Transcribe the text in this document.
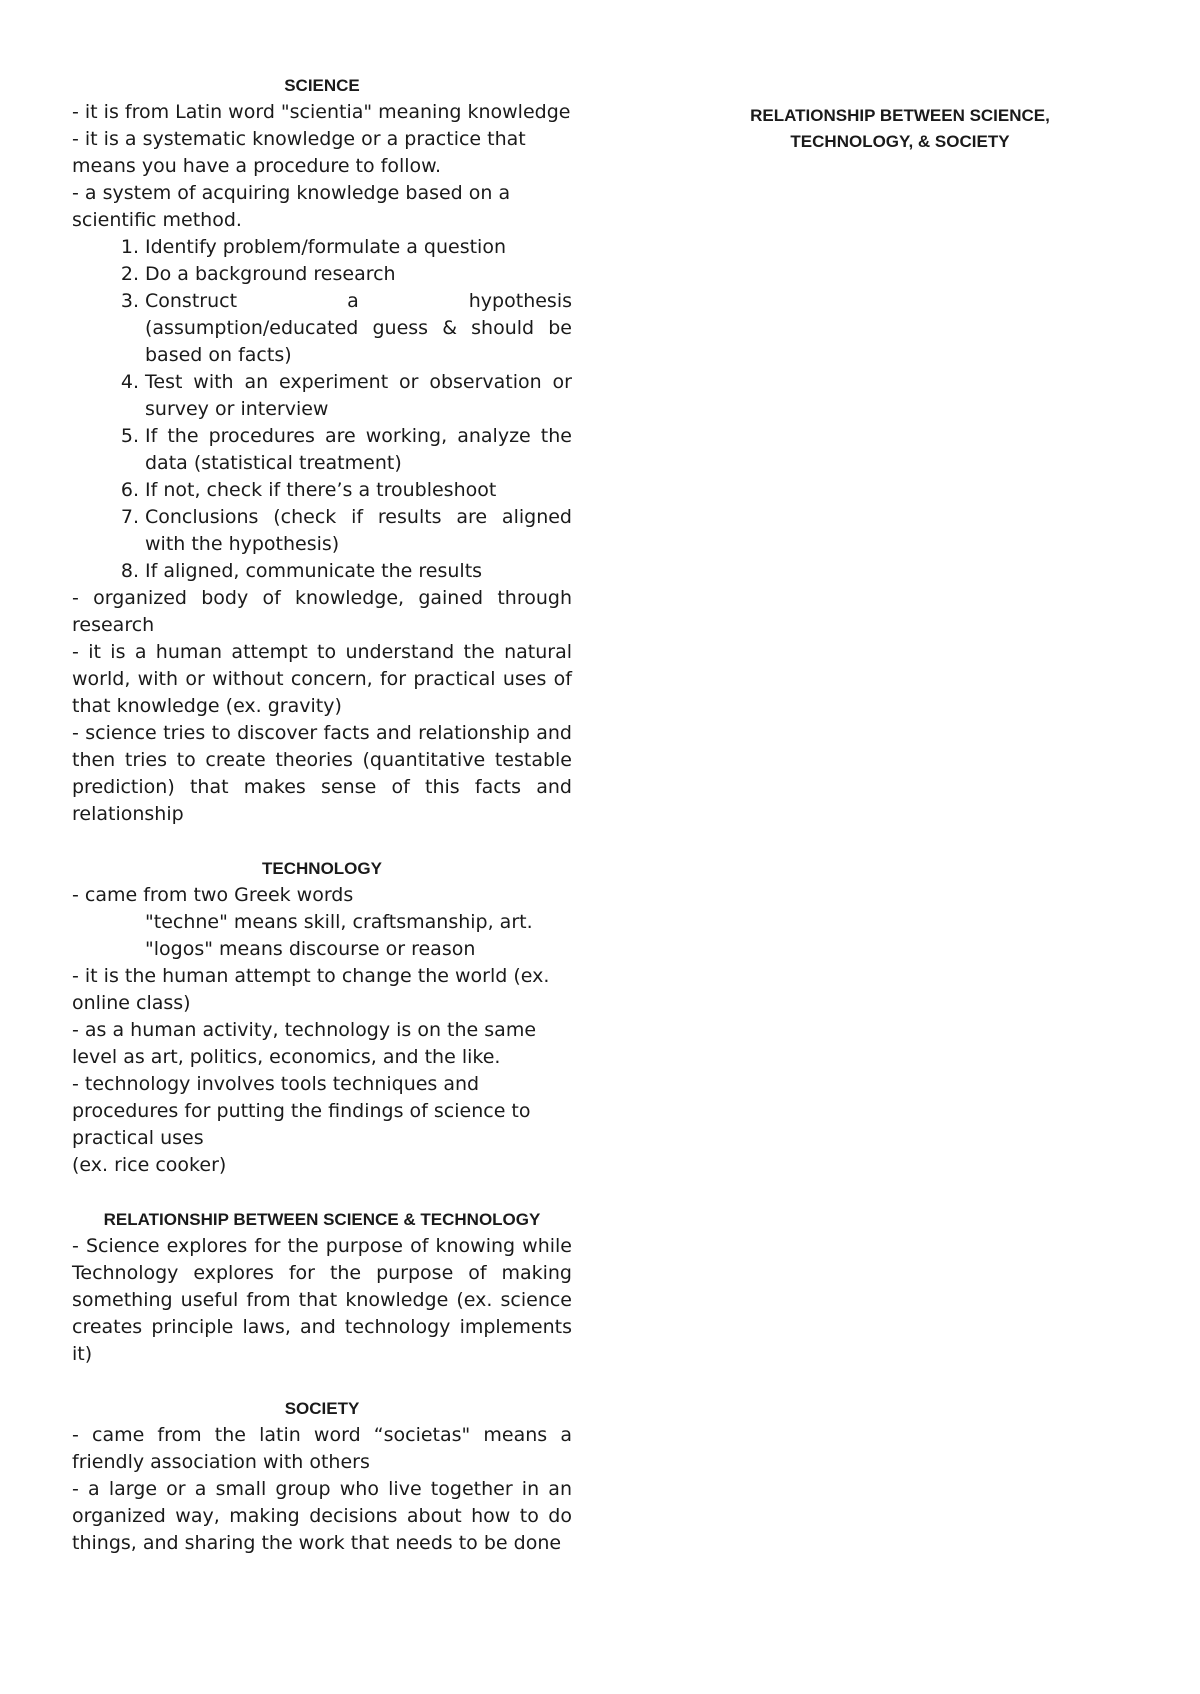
SCIENCE

- it is from Latin word "scientia" meaning knowledge

- it is a systematic knowledge or a practice that means you have a procedure to follow.

- a system of acquiring knowledge based on a scientific method.

1. Identify problem/formulate a question
2. Do a background research
3. Construct a hypothesis (assumption/educated guess & should be based on facts)
4. Test with an experiment or observation or survey or interview
5. If the procedures are working, analyze the data (statistical treatment)
6. If not, check if there’s a troubleshoot
7. Conclusions (check if results are aligned with the hypothesis)
8. If aligned, communicate the results

- organized body of knowledge, gained through research

- it is a human attempt to understand the natural world, with or without concern, for practical uses of that knowledge (ex. gravity)

- science tries to discover facts and relationship and then tries to create theories (quantitative testable prediction) that makes sense of this facts and relationship

TECHNOLOGY

- came from two Greek words

"techne" means skill, craftsmanship, art.

"logos" means discourse or reason

- it is the human attempt to change the world (ex. online class)

- as a human activity, technology is on the same level as art, politics, economics, and the like.

- technology involves tools techniques and procedures for putting the findings of science to practical uses

(ex. rice cooker)

RELATIONSHIP BETWEEN SCIENCE & TECHNOLOGY

- Science explores for the purpose of knowing while Technology explores for the purpose of making something useful from that knowledge (ex. science creates principle laws, and technology implements it)

SOCIETY

- came from the latin word “societas" means a friendly association with others

- a large or a small group who live together in an organized way, making decisions about how to do things, and sharing the work that needs to be done

RELATIONSHIP BETWEEN SCIENCE,
TECHNOLOGY, & SOCIETY
